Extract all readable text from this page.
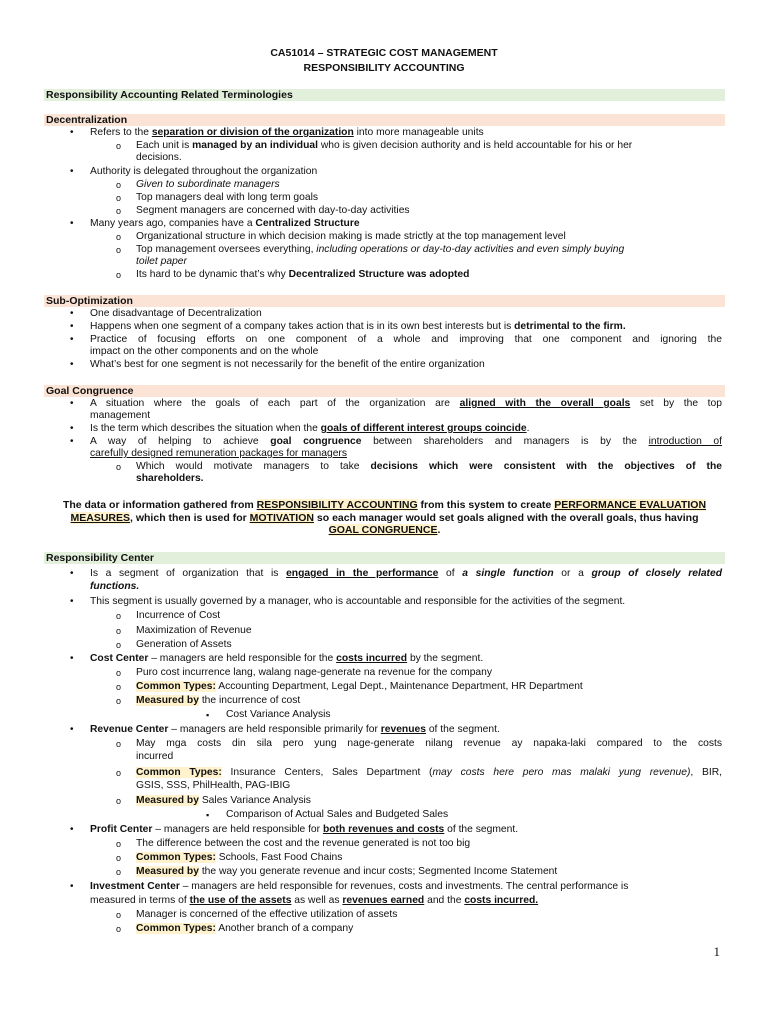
CA51014 – STRATEGIC COST MANAGEMENT
RESPONSIBILITY ACCOUNTING
Responsibility Accounting Related Terminologies
Decentralization
• Refers to the separation or division of the organization into more manageable units
o Each unit is managed by an individual who is given decision authority and is held accountable for his or her
decisions.
• Authority is delegated throughout the organization
o Given to subordinate managers
o Top managers deal with long term goals
o Segment managers are concerned with day-to-day activities
• Many years ago, companies have a Centralized Structure
o Organizational structure in which decision making is made strictly at the top management level
o Top management oversees everything, including operations or day-to-day activities and even simply buying
toilet paper
o Its hard to be dynamic that’s why Decentralized Structure was adopted
Sub-Optimization
• One disadvantage of Decentralization
• Happens when one segment of a company takes action that is in its own best interests but is detrimental to the firm.
• Practice of focusing efforts on one component of a whole and improving that one component and ignoring the
impact on the other components and on the whole
• What’s best for one segment is not necessarily for the benefit of the entire organization
Goal Congruence
• A situation where the goals of each part of the organization are aligned with the overall goals set by the top
management
• Is the term which describes the situation when the goals of different interest groups coincide.
• A way of helping to achieve goal congruence between shareholders and managers is by the introduction of
carefully designed remuneration packages for managers
o Which would motivate managers to take decisions which were consistent with the objectives of the
shareholders.
The data or information gathered from RESPONSIBILITY ACCOUNTING from this system to create PERFORMANCE EVALUATION
MEASURES, which then is used for MOTIVATION so each manager would set goals aligned with the overall goals, thus having
GOAL CONGRUENCE.
Responsibility Center
• Is a segment of organization that is engaged in the performance of a single function or a group of closely related
functions.
• This segment is usually governed by a manager, who is accountable and responsible for the activities of the segment.
o Incurrence of Cost
o Maximization of Revenue
o Generation of Assets
• Cost Center – managers are held responsible for the costs incurred by the segment.
o Puro cost incurrence lang, walang nage-generate na revenue for the company
o Common Types: Accounting Department, Legal Dept., Maintenance Department, HR Department
o Measured by the incurrence of cost
▪ Cost Variance Analysis
• Revenue Center – managers are held responsible primarily for revenues of the segment.
o May mga costs din sila pero yung nage-generate nilang revenue ay napaka-laki compared to the costs
incurred
o Common Types: Insurance Centers, Sales Department (may costs here pero mas malaki yung revenue), BIR,
GSIS, SSS, PhilHealth, PAG-IBIG
o Measured by Sales Variance Analysis
▪ Comparison of Actual Sales and Budgeted Sales
• Profit Center – managers are held responsible for both revenues and costs of the segment.
o The difference between the cost and the revenue generated is not too big
o Common Types: Schools, Fast Food Chains
o Measured by the way you generate revenue and incur costs; Segmented Income Statement
• Investment Center – managers are held responsible for revenues, costs and investments. The central performance is
measured in terms of the use of the assets as well as revenues earned and the costs incurred.
o Manager is concerned of the effective utilization of assets
o Common Types: Another branch of a company
1
